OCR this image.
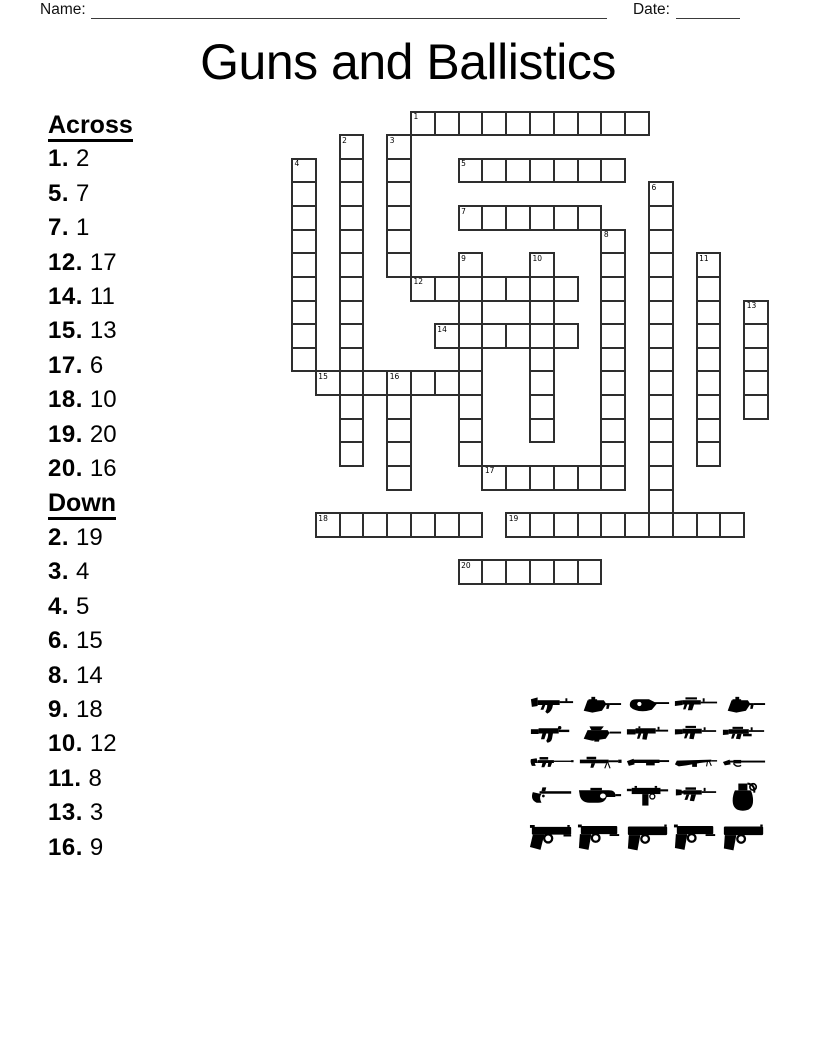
Name:	Date:
Guns and Ballistics
Across
1. 2
5. 7
7. 1
12. 17
14. 11
15. 13
17. 6
18. 10
19. 20
20. 16
Down
2. 19
3. 4
4. 5
6. 15
8. 14
9. 18
10. 12
11. 8
13. 3
16. 9
1
2	3
4	5
6
7
8
9	10	11
12
13
14
15	16
17
18	19
20
